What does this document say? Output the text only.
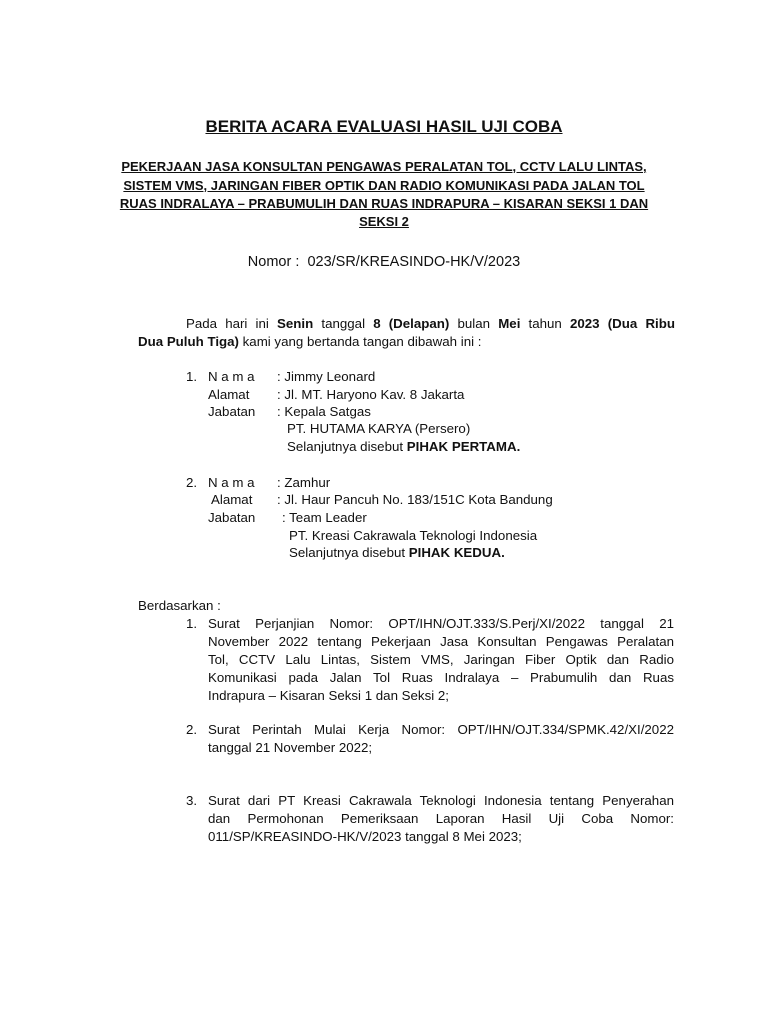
BERITA ACARA EVALUASI HASIL UJI COBA
PEKERJAAN JASA KONSULTAN PENGAWAS PERALATAN TOL, CCTV LALU LINTAS,
SISTEM VMS, JARINGAN FIBER OPTIK DAN RADIO KOMUNIKASI PADA JALAN TOL
RUAS INDRALAYA – PRABUMULIH DAN RUAS INDRAPURA – KISARAN SEKSI 1 DAN
SEKSI 2
Nomor : 023/SR/KREASINDO-HK/V/2023
Pada hari ini Senin tanggal 8 (Delapan) bulan Mei tahun 2023 (Dua Ribu
Dua Puluh Tiga) kami yang bertanda tangan dibawah ini :
1. N a m a : Jimmy Leonard
Alamat : Jl. MT. Haryono Kav. 8 Jakarta
Jabatan : Kepala Satgas
PT. HUTAMA KARYA (Persero)
Selanjutnya disebut PIHAK PERTAMA.
2. N a m a : Zamhur
Alamat : Jl. Haur Pancuh No. 183/151C Kota Bandung
Jabatan : Team Leader
PT. Kreasi Cakrawala Teknologi Indonesia
Selanjutnya disebut PIHAK KEDUA.
Berdasarkan :
1. Surat Perjanjian Nomor: OPT/IHN/OJT.333/S.Perj/XI/2022 tanggal 21
November 2022 tentang Pekerjaan Jasa Konsultan Pengawas Peralatan
Tol, CCTV Lalu Lintas, Sistem VMS, Jaringan Fiber Optik dan Radio
Komunikasi pada Jalan Tol Ruas Indralaya – Prabumulih dan Ruas
Indrapura – Kisaran Seksi 1 dan Seksi 2;
2. Surat Perintah Mulai Kerja Nomor: OPT/IHN/OJT.334/SPMK.42/XI/2022
tanggal 21 November 2022;
3. Surat dari PT Kreasi Cakrawala Teknologi Indonesia tentang Penyerahan
dan Permohonan Pemeriksaan Laporan Hasil Uji Coba Nomor:
011/SP/KREASINDO-HK/V/2023 tanggal 8 Mei 2023;
